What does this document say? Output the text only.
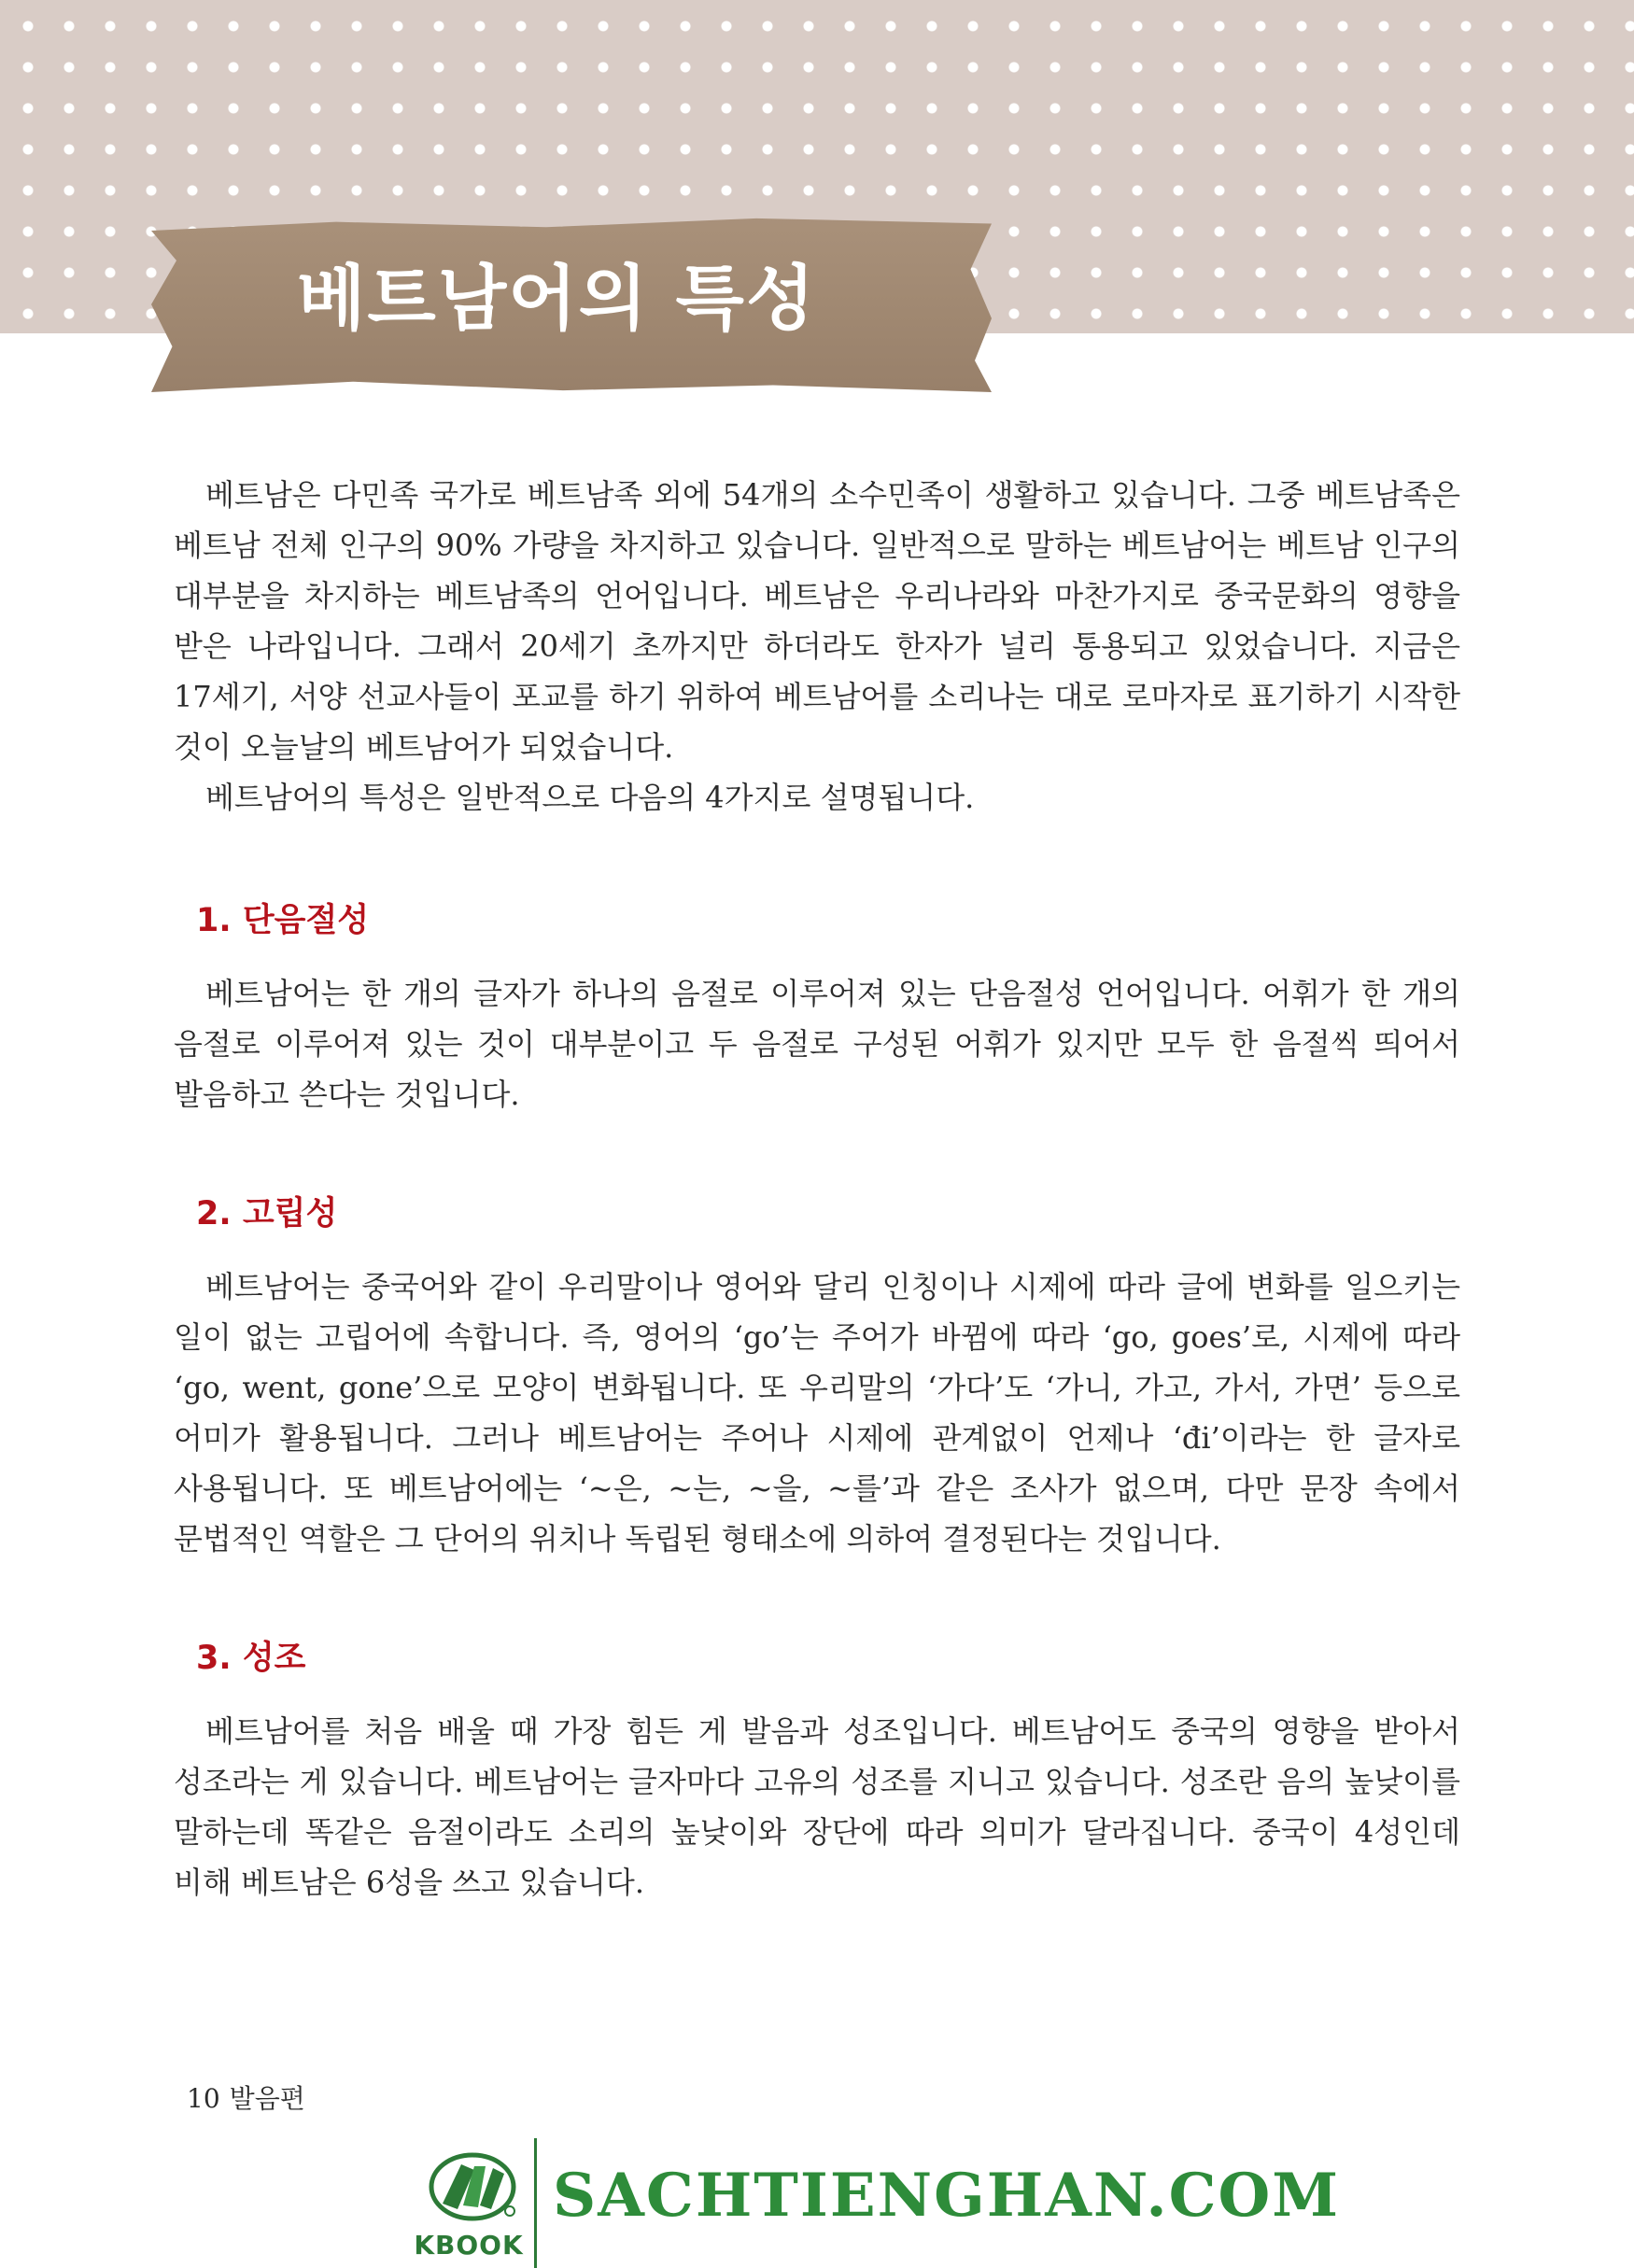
베트남어의 특성

베트남은 다민족 국가로 베트남족 외에 54개의 소수민족이 생활하고 있습니다. 그중 베트남족은 베트남 전체 인구의 90% 가량을 차지하고 있습니다. 일반적으로 말하는 베트남어는 베트남 인구의 대부분을 차지하는 베트남족의 언어입니다. 베트남은 우리나라와 마찬가지로 중국문화의 영향을 받은 나라입니다. 그래서 20세기 초까지만 하더라도 한자가 널리 통용되고 있었습니다. 지금은 17세기, 서양 선교사들이 포교를 하기 위하여 베트남어를 소리나는 대로 로마자로 표기하기 시작한 것이 오늘날의 베트남어가 되었습니다.

베트남어의 특성은 일반적으로 다음의 4가지로 설명됩니다.

1. 단음절성

베트남어는 한 개의 글자가 하나의 음절로 이루어져 있는 단음절성 언어입니다. 어휘가 한 개의 음절로 이루어져 있는 것이 대부분이고 두 음절로 구성된 어휘가 있지만 모두 한 음절씩 띄어서 발음하고 쓴다는 것입니다.

2. 고립성

베트남어는 중국어와 같이 우리말이나 영어와 달리 인칭이나 시제에 따라 글에 변화를 일으키는 일이 없는 고립어에 속합니다. 즉, 영어의 ‘go’는 주어가 바뀜에 따라 ‘go, goes’로, 시제에 따라 ‘go, went, gone’으로 모양이 변화됩니다. 또 우리말의 ‘가다’도 ‘가니, 가고, 가서, 가면’ 등으로 어미가 활용됩니다. 그러나 베트남어는 주어나 시제에 관계없이 언제나 ‘đi’이라는 한 글자로 사용됩니다. 또 베트남어에는 ‘~은, ~는, ~을, ~를’과 같은 조사가 없으며, 다만 문장 속에서 문법적인 역할은 그 단어의 위치나 독립된 형태소에 의하여 결정된다는 것입니다.

3. 성조

베트남어를 처음 배울 때 가장 힘든 게 발음과 성조입니다. 베트남어도 중국의 영향을 받아서 성조라는 게 있습니다. 베트남어는 글자마다 고유의 성조를 지니고 있습니다. 성조란 음의 높낮이를 말하는데 똑같은 음절이라도 소리의 높낮이와 장단에 따라 의미가 달라집니다. 중국이 4성인데 비해 베트남은 6성을 쓰고 있습니다.

10 발음편
KBOOK
SACHTIENGHAN.COM
